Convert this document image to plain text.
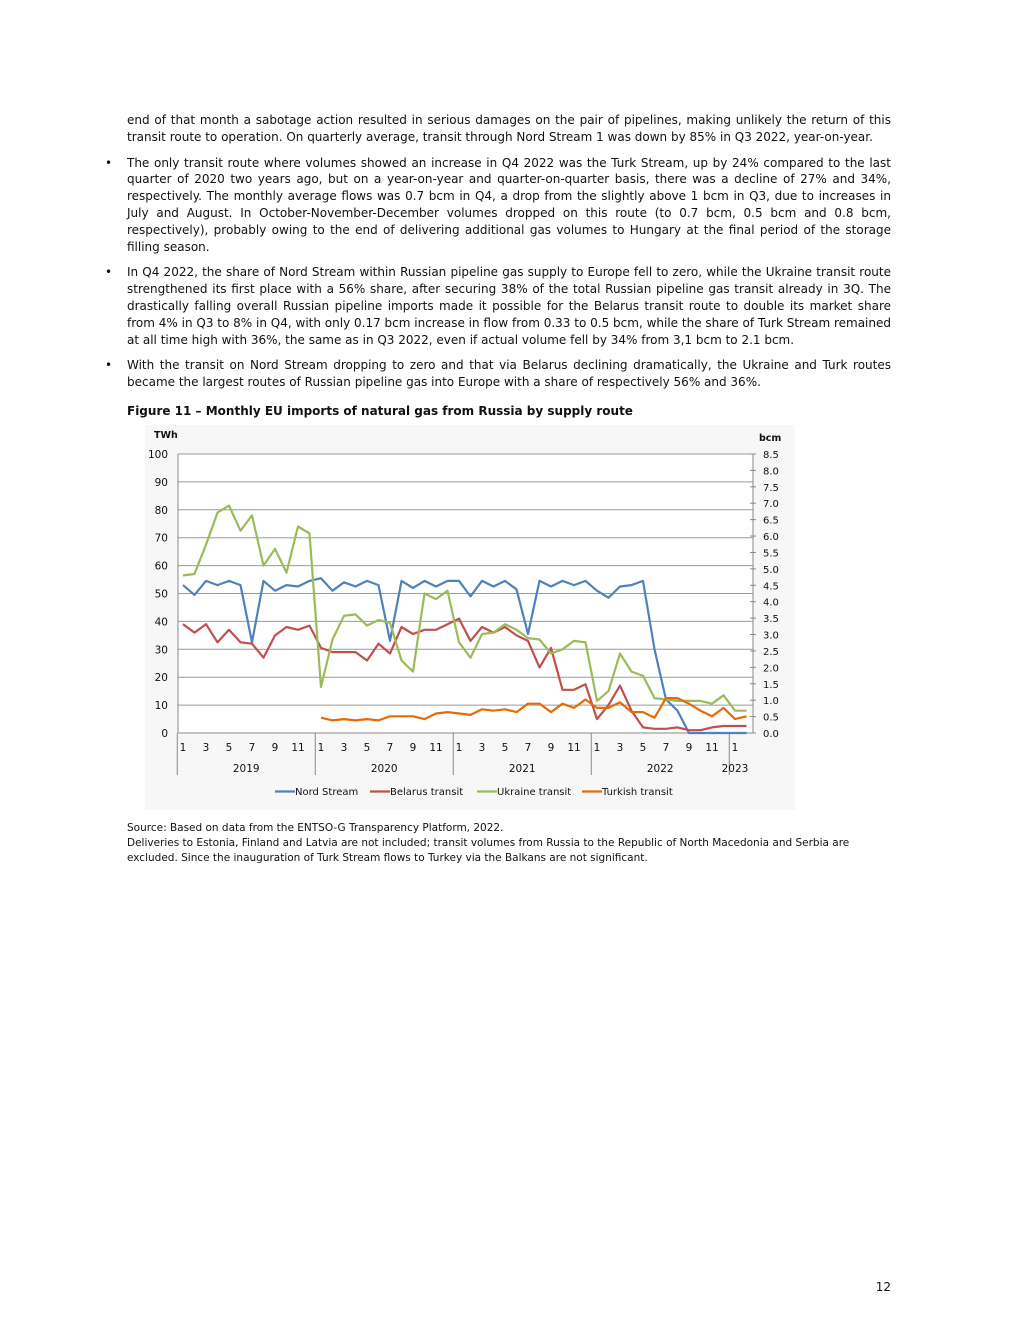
end of that month a sabotage action resulted in serious damages on the pair of pipelines, making unlikely the return of this transit route to operation. On quarterly average, transit through Nord Stream 1 was down by 85% in Q3 2022, year-on-year.

• The only transit route where volumes showed an increase in Q4 2022 was the Turk Stream, up by 24% compared to the last quarter of 2020 two years ago, but on a year-on-year and quarter-on-quarter basis, there was a decline of 27% and 34%, respectively. The monthly average flows was 0.7 bcm in Q4, a drop from the slightly above 1 bcm in Q3, due to increases in July and August. In October-November-December volumes dropped on this route (to 0.7 bcm, 0.5 bcm and 0.8 bcm, respectively), probably owing to the end of delivering additional gas volumes to Hungary at the final period of the storage filling season.
• In Q4 2022, the share of Nord Stream within Russian pipeline gas supply to Europe fell to zero, while the Ukraine transit route strengthened its first place with a 56% share, after securing 38% of the total Russian pipeline gas transit already in 3Q. The drastically falling overall Russian pipeline imports made it possible for the Belarus transit route to double its market share from 4% in Q3 to 8% in Q4, with only 0.17 bcm increase in flow from 0.33 to 0.5 bcm, while the share of Turk Stream remained at all time high with 36%, the same as in Q3 2022, even if actual volume fell by 34% from 3,1 bcm to 2.1 bcm.
• With the transit on Nord Stream dropping to zero and that via Belarus declining dramatically, the Ukraine and Turk routes became the largest routes of Russian pipeline gas into Europe with a share of respectively 56% and 36%.
Figure 11 – Monthly EU imports of natural gas from Russia by supply route
0
10
20
30
40
50
60
70
80
90
100
0.0
0.5
1.0
1.5
2.0
2.5
3.0
3.5
4.0
4.5
5.0
5.5
6.0
6.5
7.0
7.5
8.0
8.5
TWh	bcm
1 3 5 7 9 11 1 3 5 7 9 11 1 3 5 7 9 11 1 3 5 7 9 11 1
2019	2020	2021	2022	2023
Nord Stream	Belarus transit	Ukraine transit	Turkish transit
Source: Based on data from the ENTSO-G Transparency Platform, 2022.
Deliveries to Estonia, Finland and Latvia are not included; transit volumes from Russia to the Republic of North Macedonia and Serbia are excluded. Since the inauguration of Turk Stream flows to Turkey via the Balkans are not significant.
12
